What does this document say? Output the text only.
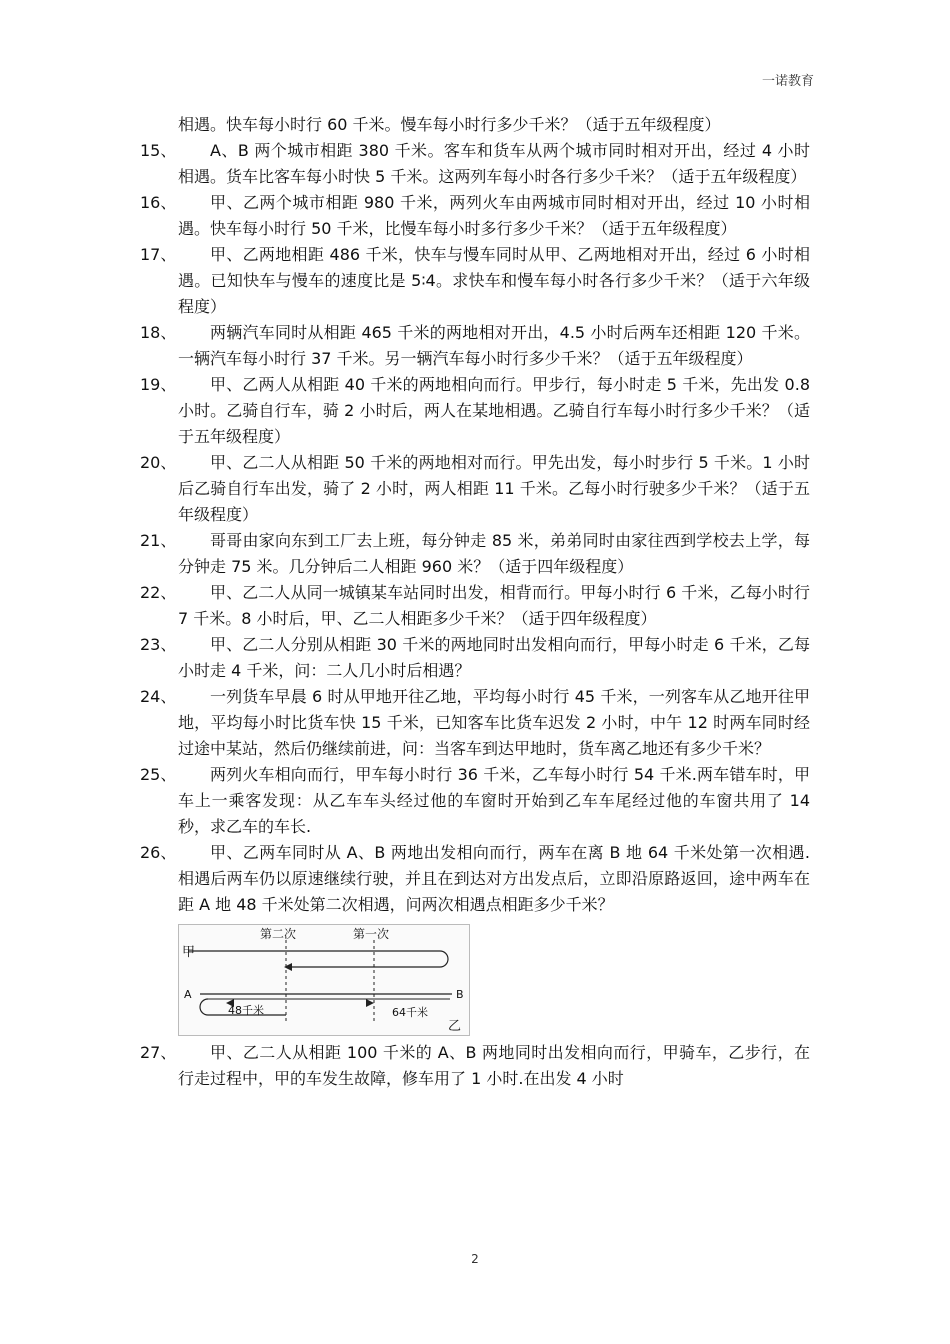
一诺教育
相遇。快车每小时行 60 千米。慢车每小时行多少千米？（适于五年级程度）
15、	A、B 两个城市相距 380 千米。客车和货车从两个城市同时相对开出，经过 4 小时相遇。货车比客车每小时快 5 千米。这两列车每小时各行多少千米？（适于五年级程度）
16、	甲、乙两个城市相距 980 千米，两列火车由两城市同时相对开出，经过 10 小时相遇。快车每小时行 50 千米，比慢车每小时多行多少千米？（适于五年级程度）
17、	甲、乙两地相距 486 千米，快车与慢车同时从甲、乙两地相对开出，经过 6 小时相遇。已知快车与慢车的速度比是 5∶4。求快车和慢车每小时各行多少千米？（适于六年级程度）
18、	两辆汽车同时从相距 465 千米的两地相对开出，4.5 小时后两车还相距 120 千米。一辆汽车每小时行 37 千米。另一辆汽车每小时行多少千米？（适于五年级程度）
19、	甲、乙两人从相距 40 千米的两地相向而行。甲步行，每小时走 5 千米，先出发 0.8 小时。乙骑自行车，骑 2 小时后，两人在某地相遇。乙骑自行车每小时行多少千米？（适于五年级程度）
20、	甲、乙二人从相距 50 千米的两地相对而行。甲先出发，每小时步行 5 千米。1 小时后乙骑自行车出发，骑了 2 小时，两人相距 11 千米。乙每小时行驶多少千米？（适于五年级程度）
21、	哥哥由家向东到工厂去上班，每分钟走 85 米，弟弟同时由家往西到学校去上学，每分钟走 75 米。几分钟后二人相距 960 米？（适于四年级程度）
22、	甲、乙二人从同一城镇某车站同时出发，相背而行。甲每小时行 6 千米，乙每小时行 7 千米。8 小时后，甲、乙二人相距多少千米？（适于四年级程度）
23、	甲、乙二人分别从相距 30 千米的两地同时出发相向而行，甲每小时走 6 千米，乙每小时走 4 千米，问：二人几小时后相遇？
24、	一列货车早晨 6 时从甲地开往乙地，平均每小时行 45 千米，一列客车从乙地开往甲地，平均每小时比货车快 15 千米，已知客车比货车迟发 2 小时，中午 12 时两车同时经过途中某站，然后仍继续前进，问：当客车到达甲地时，货车离乙地还有多少千米？
25、	两列火车相向而行，甲车每小时行 36 千米，乙车每小时行 54 千米.两车错车时，甲车上一乘客发现：从乙车车头经过他的车窗时开始到乙车车尾经过他的车窗共用了 14 秒，求乙车的车长.
26、	甲、乙两车同时从 A、B 两地出发相向而行，两车在离 B 地 64 千米处第一次相遇.相遇后两车仍以原速继续行驶，并且在到达对方出发点后，立即沿原路返回，途中两车在距 A 地 48 千米处第二次相遇，问两次相遇点相距多少千米？
第二次	第一次
甲
A	B
48千米	64千米
乙
27、	甲、乙二人从相距 100 千米的 A、B 两地同时出发相向而行，甲骑车，乙步行，在行走过程中，甲的车发生故障，修车用了 1 小时.在出发 4 小时
2
